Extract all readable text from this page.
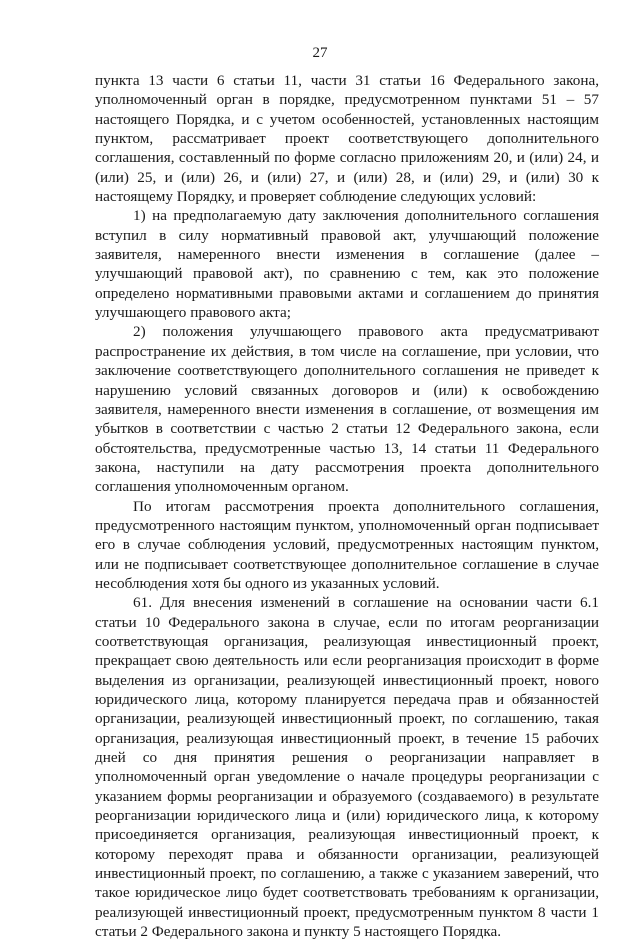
27

пункта 13 части 6 статьи 11, части 31 статьи 16 Федерального закона, уполномоченный орган в порядке, предусмотренном пунктами 51 – 57 настоящего Порядка, и с учетом особенностей, установленных настоящим пунктом, рассматривает проект соответствующего дополнительного соглашения, составленный по форме согласно приложениям 20, и (или) 24, и (или) 25, и (или) 26, и (или) 27, и (или) 28, и (или) 29, и (или) 30 к настоящему Порядку, и проверяет соблюдение следующих условий:

1) на предполагаемую дату заключения дополнительного соглашения вступил в силу нормативный правовой акт, улучшающий положение заявителя, намеренного внести изменения в соглашение (далее – улучшающий правовой акт), по сравнению с тем, как это положение определено нормативными правовыми актами и соглашением до принятия улучшающего правового акта;

2) положения улучшающего правового акта предусматривают распространение их действия, в том числе на соглашение, при условии, что заключение соответствующего дополнительного соглашения не приведет к нарушению условий связанных договоров и (или) к освобождению заявителя, намеренного внести изменения в соглашение, от возмещения им убытков в соответствии с частью 2 статьи 12 Федерального закона, если обстоятельства, предусмотренные частью 13, 14 статьи 11 Федерального закона, наступили на дату рассмотрения проекта дополнительного соглашения уполномоченным органом.

По итогам рассмотрения проекта дополнительного соглашения, предусмотренного настоящим пунктом, уполномоченный орган подписывает его в случае соблюдения условий, предусмотренных настоящим пунктом, или не подписывает соответствующее дополнительное соглашение в случае несоблюдения хотя бы одного из указанных условий.

61. Для внесения изменений в соглашение на основании части 6.1 статьи 10 Федерального закона в случае, если по итогам реорганизации соответствующая организация, реализующая инвестиционный проект, прекращает свою деятельность или если реорганизация происходит в форме выделения из организации, реализующей инвестиционный проект, нового юридического лица, которому планируется передача прав и обязанностей организации, реализующей инвестиционный проект, по соглашению, такая организация, реализующая инвестиционный проект, в течение 15 рабочих дней со дня принятия решения о реорганизации направляет в уполномоченный орган уведомление о начале процедуры реорганизации с указанием формы реорганизации и образуемого (создаваемого) в результате реорганизации юридического лица и (или) юридического лица, к которому присоединяется организация, реализующая инвестиционный проект, к которому переходят права и обязанности организации, реализующей инвестиционный проект, по соглашению, а также с указанием заверений, что такое юридическое лицо будет соответствовать требованиям к организации, реализующей инвестиционный проект, предусмотренным пунктом 8 части 1 статьи 2 Федерального закона и пункту 5 настоящего Порядка.
